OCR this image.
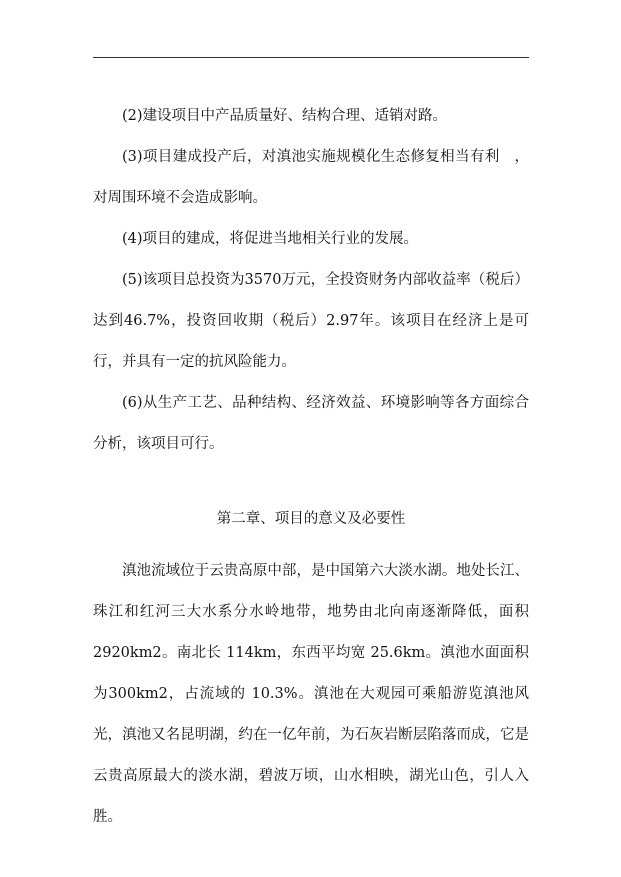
(2)建设项目中产品质量好、结构合理、适销对路。

(3)项目建成投产后，对滇池实施规模化生态修复相当有利　，对周围环境不会造成影响。

(4)项目的建成，将促进当地相关行业的发展。

(5)该项目总投资为3570万元，全投资财务内部收益率（税后）达到46.7%，投资回收期（税后）2.97年。该项目在经济上是可行，并具有一定的抗风险能力。

(6)从生产工艺、品种结构、经济效益、环境影响等各方面综合分析，该项目可行。

第二章、项目的意义及必要性

滇池流域位于云贵高原中部，是中国第六大淡水湖。地处长江、珠江和红河三大水系分水岭地带，地势由北向南逐渐降低，面积2920km2。南北长 114km，东西平均宽 25.6km。滇池水面面积为300km2，占流域的 10.3%。滇池在大观园可乘船游览滇池风光，滇池又名昆明湖，约在一亿年前，为石灰岩断层陷落而成，它是云贵高原最大的淡水湖，碧波万顷，山水相映，湖光山色，引人入胜。
